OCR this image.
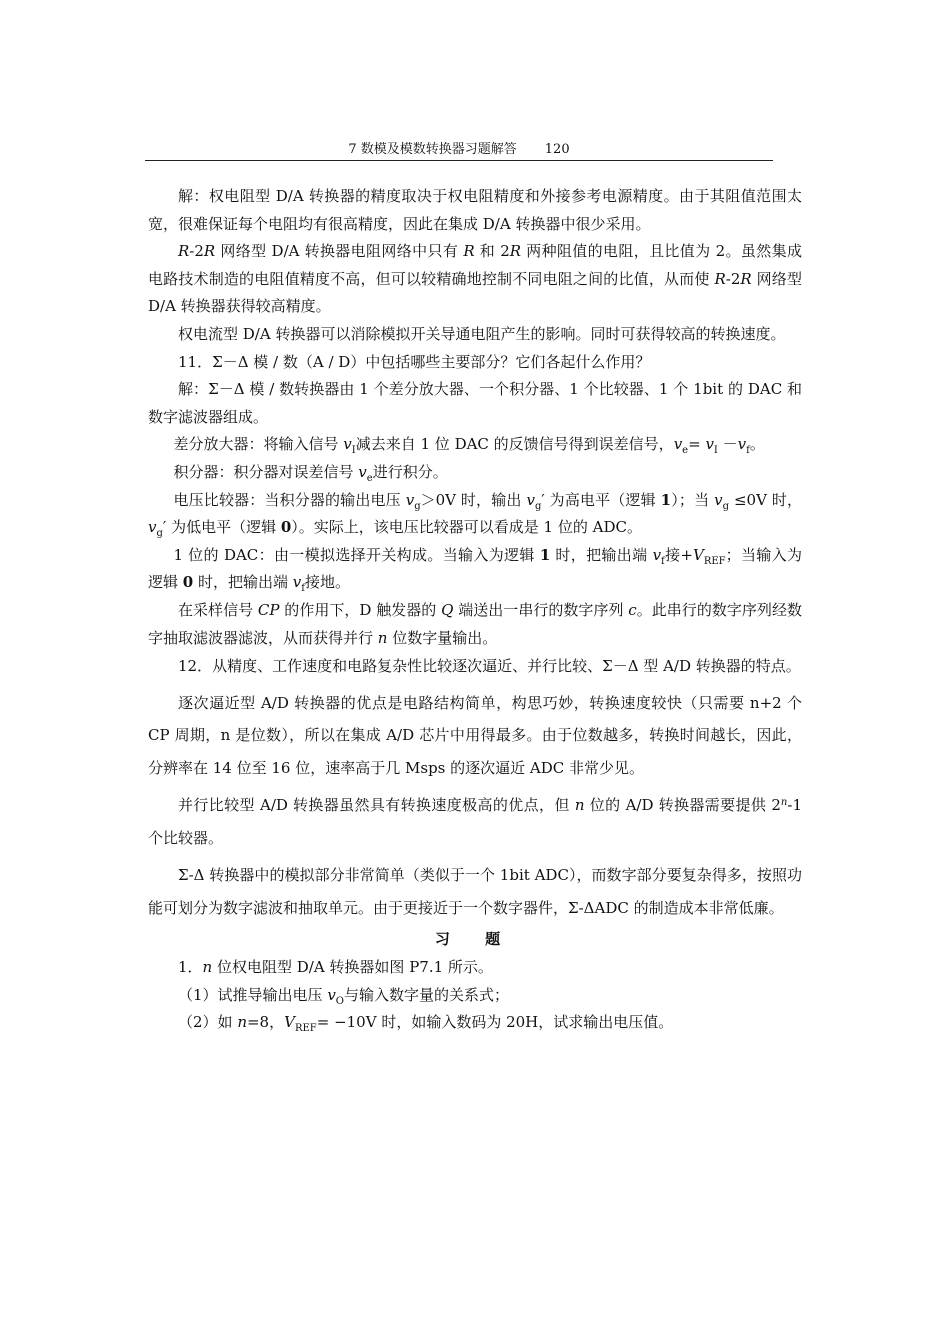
7 数模及模数转换器习题解答 120

解：权电阻型 D/A 转换器的精度取决于权电阻精度和外接参考电源精度。由于其阻值范围太宽，很难保证每个电阻均有很高精度，因此在集成 D/A 转换器中很少采用。

R-2R 网络型 D/A 转换器电阻网络中只有 R 和 2R 两种阻值的电阻，且比值为 2。虽然集成电路技术制造的电阻值精度不高，但可以较精确地控制不同电阻之间的比值，从而使 R-2R 网络型 D/A 转换器获得较高精度。

权电流型 D/A 转换器可以消除模拟开关导通电阻产生的影响。同时可获得较高的转换速度。

11．Σ－Δ 模 / 数（A / D）中包括哪些主要部分？它们各起什么作用？

解：Σ－Δ 模 / 数转换器由 1 个差分放大器、一个积分器、1 个比较器、1 个 1bit 的 DAC 和数字滤波器组成。

差分放大器：将输入信号 $v_I$减去来自 1 位 DAC 的反馈信号得到误差信号，$v_e= v_I -v_f$。

积分器：积分器对误差信号 $v_e$进行积分。

电压比较器：当积分器的输出电压 $v_g>0V$ 时，输出 $v_g'$ 为高电平（逻辑 1）；当 $v_g \le 0V$ 时，$v_g'$ 为低电平（逻辑 0）。实际上，该电压比较器可以看成是 1 位的 ADC。

1 位的 DAC：由一模拟选择开关构成。当输入为逻辑 1 时，把输出端 $v_f$接$+V_{REF}$；当输入为逻辑 0 时，把输出端 $v_f$接地。

在采样信号 CP 的作用下，D 触发器的 Q 端送出一串行的数字序列 c。此串行的数字序列经数字抽取滤波器滤波，从而获得并行 n 位数字量输出。

12．从精度、工作速度和电路复杂性比较逐次逼近、并行比较、Σ－Δ 型 A/D 转换器的特点。

逐次逼近型 A/D 转换器的优点是电路结构简单，构思巧妙，转换速度较快（只需要 n+2 个 CP 周期，n 是位数），所以在集成 A/D 芯片中用得最多。由于位数越多，转换时间越长，因此，分辨率在 14 位至 16 位，速率高于几 Msps 的逐次逼近 ADC 非常少见。

并行比较型 A/D 转换器虽然具有转换速度极高的优点，但 n 位的 A/D 转换器需要提供 2$^n$-1 个比较器。

Σ-Δ 转换器中的模拟部分非常简单（类似于一个 1bit ADC），而数字部分要复杂得多，按照功能可划分为数字滤波和抽取单元。由于更接近于一个数字器件，Σ-ΔADC 的制造成本非常低廉。

习 题

1．n 位权电阻型 D/A 转换器如图 P7.1 所示。

（1）试推导输出电压 $v_O$与输入数字量的关系式；

（2）如 n=8，$V_{REF}= -10V$ 时，如输入数码为 20H，试求输出电压值。
